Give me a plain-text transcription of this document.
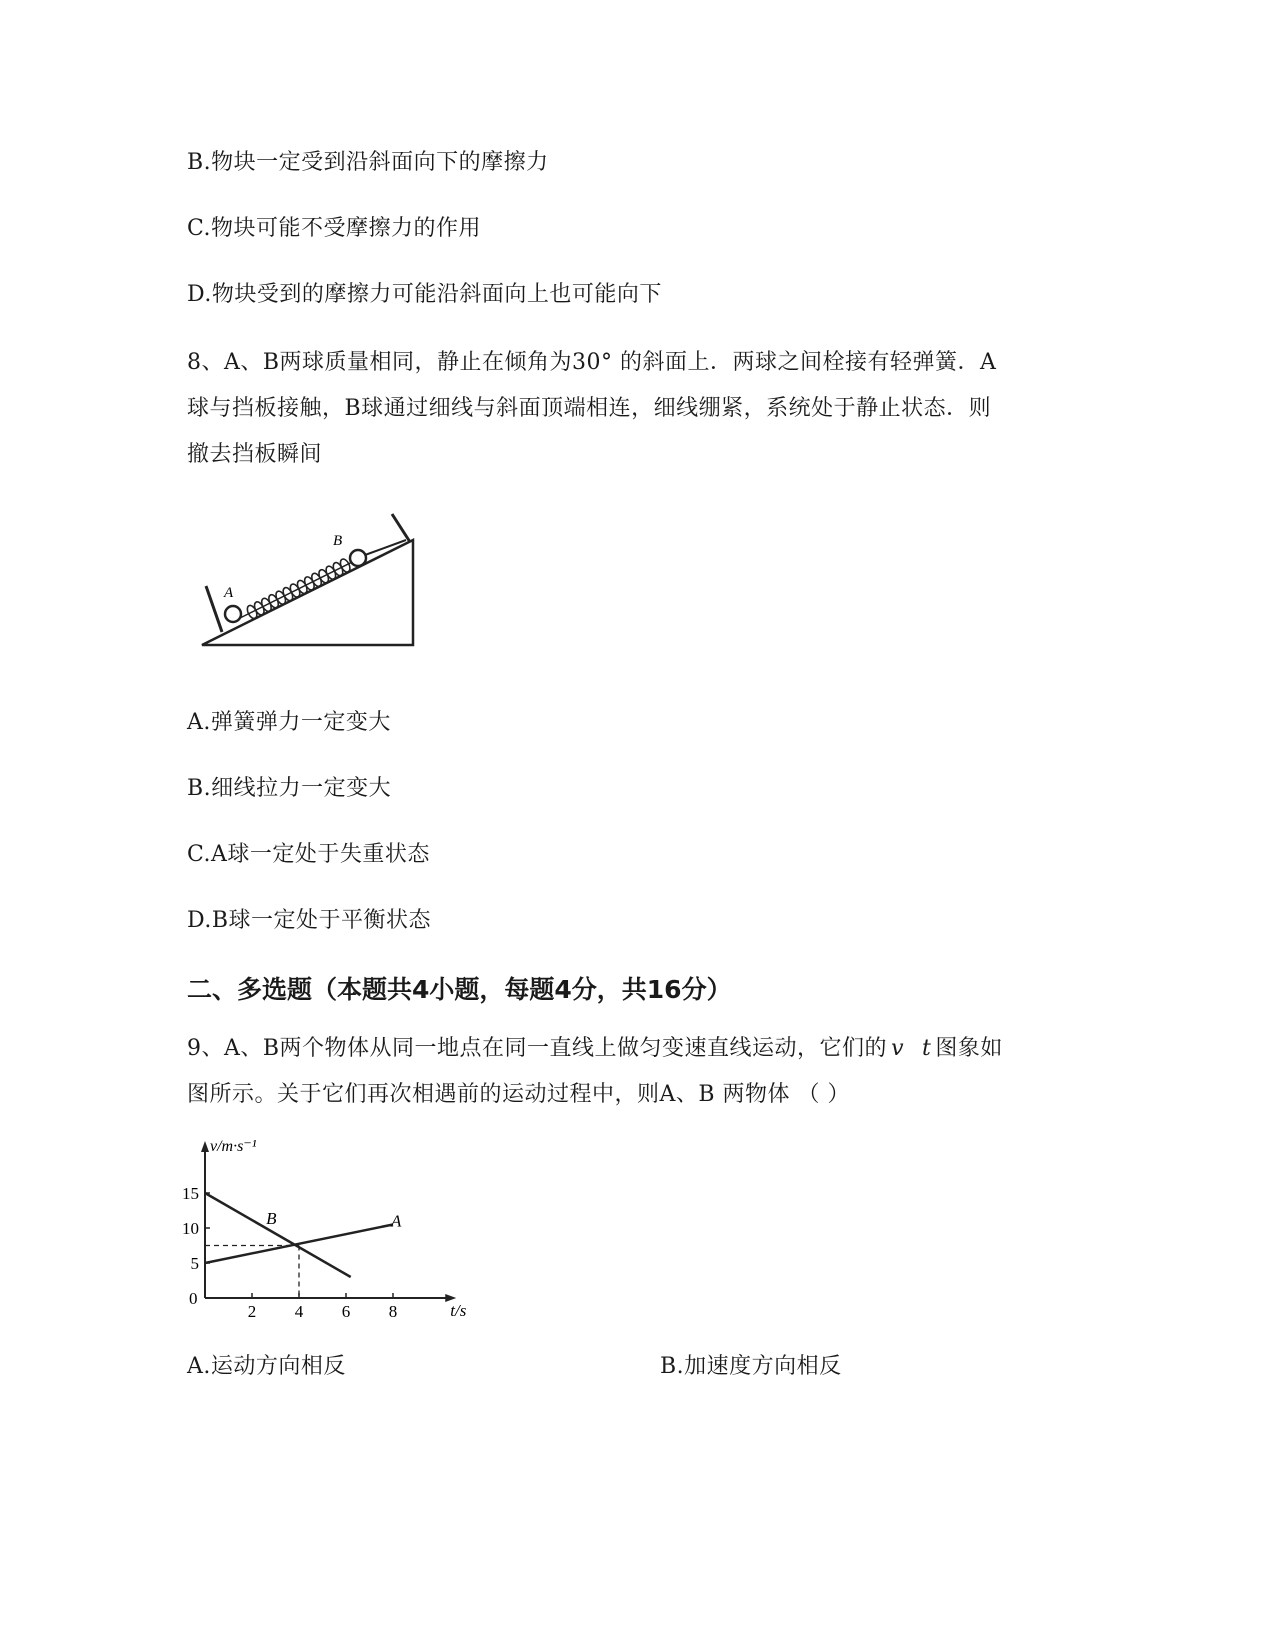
B.物块一定受到沿斜面向下的摩擦力
C.物块可能不受摩擦力的作用
D.物块受到的摩擦力可能沿斜面向上也可能向下
8、A、B两球质量相同，静止在倾角为30° 的斜面上．两球之间栓接有轻弹簧．A
球与挡板接触，B球通过细线与斜面顶端相连，细线绷紧，系统处于静止状态．则
撤去挡板瞬间
A
B
A.弹簧弹力一定变大
B.细线拉力一定变大
C.A球一定处于失重状态
D.B球一定处于平衡状态
二、多选题（本题共4小题，每题4分，共16分）
9、A、B两个物体从同一地点在同一直线上做匀变速直线运动，它们的 v t 图象如
图所示。关于它们再次相遇前的运动过程中，则A、B 两物体 （ ）
v/m·s⁻¹
t/s
0
2 4 6 8
5
10
15
A
B
A.运动方向相反	B.加速度方向相反
